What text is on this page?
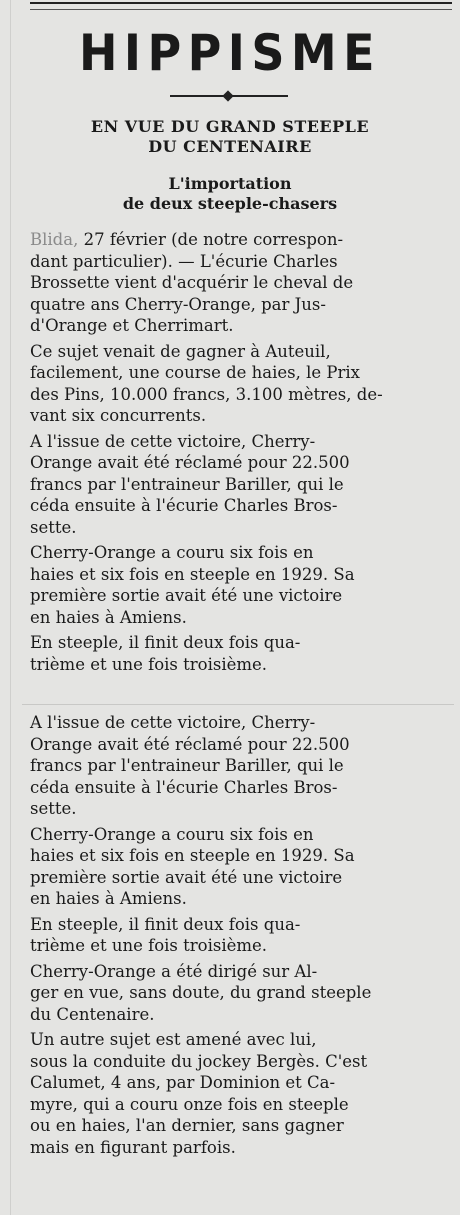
HIPPISME
EN VUE DU GRAND STEEPLE
DU CENTENAIRE
L'importation
de deux steeple-chasers

Blida, 27 février (de notre correspon-
dant particulier). — L'écurie Charles
Brossette vient d'acquérir le cheval de
quatre ans Cherry-Orange, par Jus-
d'Orange et Cherrimart.

Ce sujet venait de gagner à Auteuil,
facilement, une course de haies, le Prix
des Pins, 10.000 francs, 3.100 mètres, de-
vant six concurrents.

A l'issue de cette victoire, Cherry-
Orange avait été réclamé pour 22.500
francs par l'entraineur Bariller, qui le
céda ensuite à l'écurie Charles Bros-
sette.

Cherry-Orange a couru six fois en
haies et six fois en steeple en 1929. Sa
première sortie avait été une victoire
en haies à Amiens.

En steeple, il finit deux fois qua-
trième et une fois troisième.

A l'issue de cette victoire, Cherry-
Orange avait été réclamé pour 22.500
francs par l'entraineur Bariller, qui le
céda ensuite à l'écurie Charles Bros-
sette.

Cherry-Orange a couru six fois en
haies et six fois en steeple en 1929. Sa
première sortie avait été une victoire
en haies à Amiens.

En steeple, il finit deux fois qua-
trième et une fois troisième.

Cherry-Orange a été dirigé sur Al-
ger en vue, sans doute, du grand steeple
du Centenaire.

Un autre sujet est amené avec lui,
sous la conduite du jockey Bergès. C'est
Calumet, 4 ans, par Dominion et Ca-
myre, qui a couru onze fois en steeple
ou en haies, l'an dernier, sans gagner
mais en figurant parfois.
